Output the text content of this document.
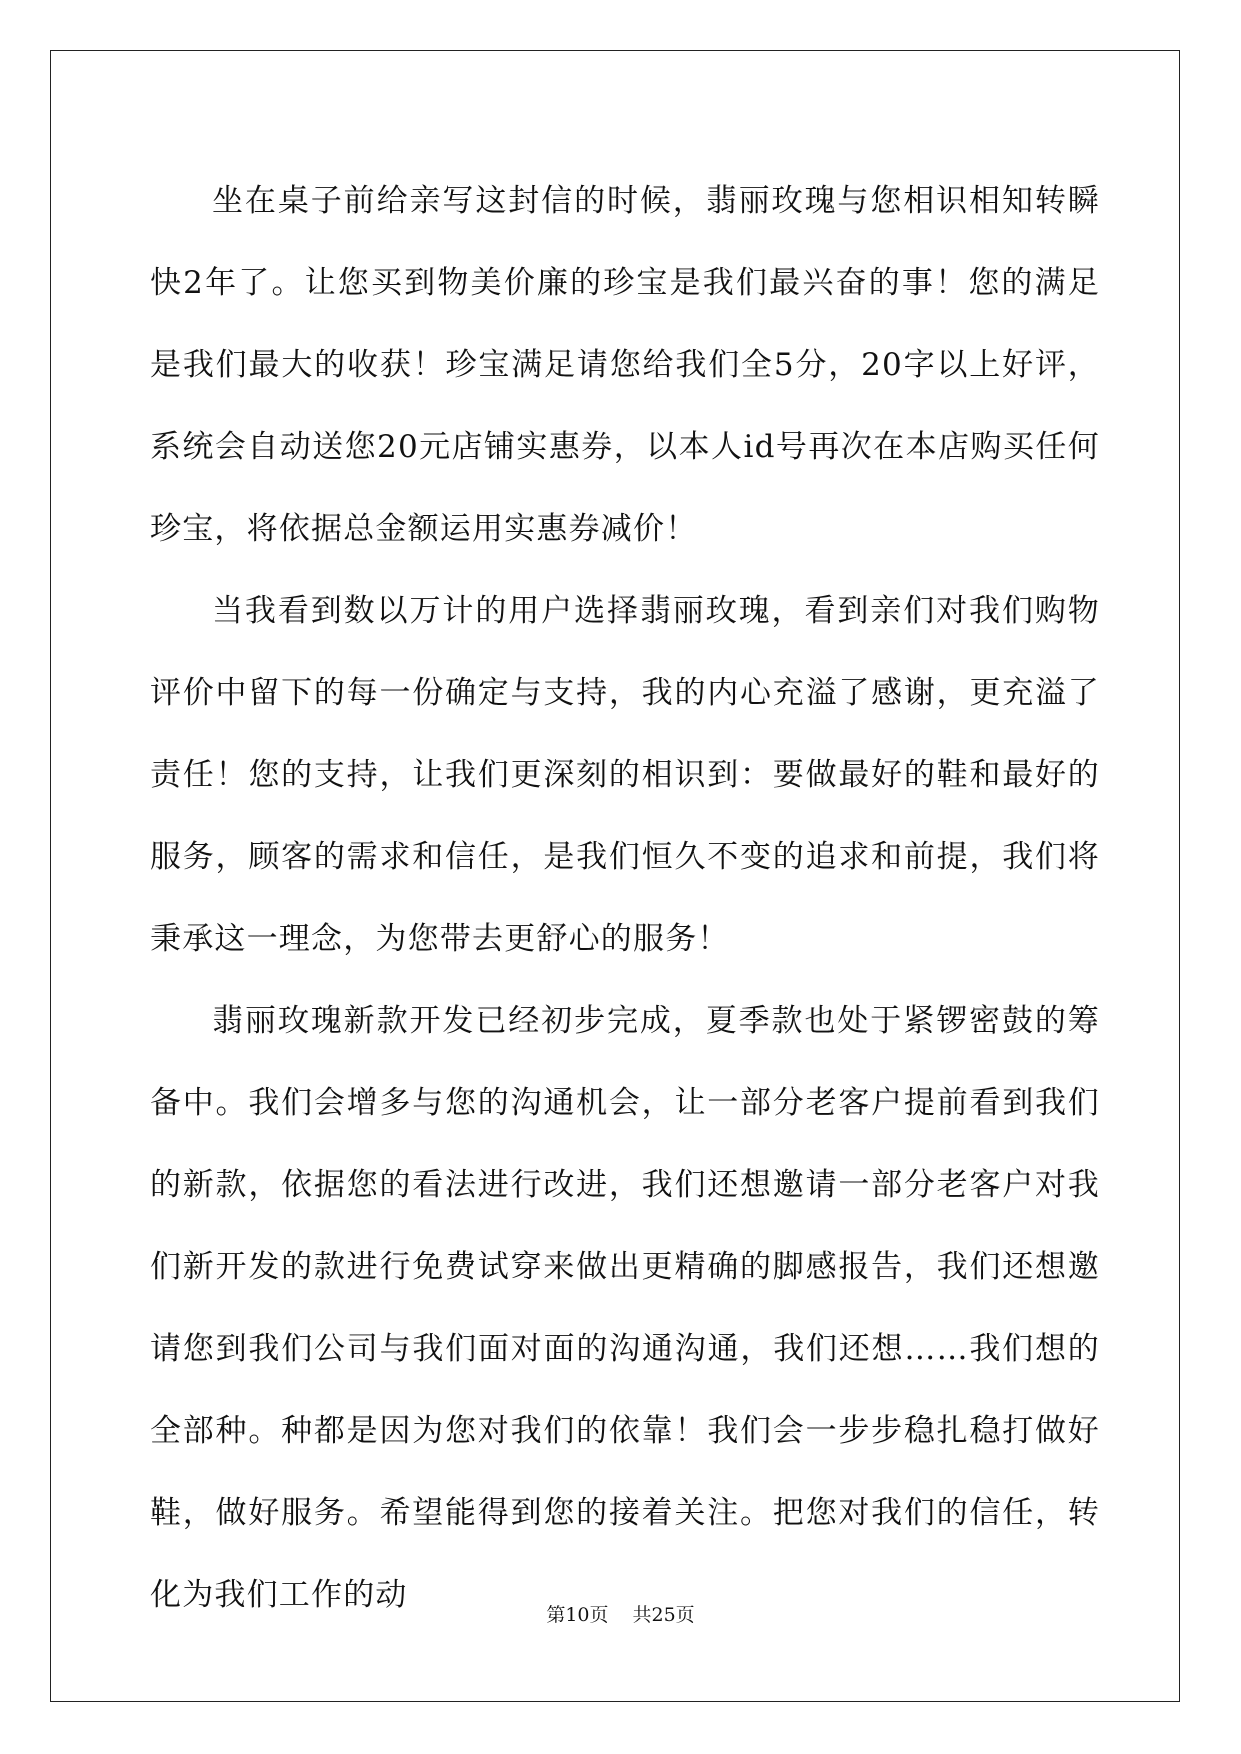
坐在桌子前给亲写这封信的时候，翡丽玫瑰与您相识相知转瞬快2年了。让您买到物美价廉的珍宝是我们最兴奋的事！您的满足是我们最大的收获！珍宝满足请您给我们全5分，20字以上好评，系统会自动送您20元店铺实惠券，以本人id号再次在本店购买任何珍宝，将依据总金额运用实惠券减价！

当我看到数以万计的用户选择翡丽玫瑰，看到亲们对我们购物评价中留下的每一份确定与支持，我的内心充溢了感谢，更充溢了责任！您的支持，让我们更深刻的相识到：要做最好的鞋和最好的服务，顾客的需求和信任，是我们恒久不变的追求和前提，我们将秉承这一理念，为您带去更舒心的服务！

翡丽玫瑰新款开发已经初步完成，夏季款也处于紧锣密鼓的筹备中。我们会增多与您的沟通机会，让一部分老客户提前看到我们的新款，依据您的看法进行改进，我们还想邀请一部分老客户对我们新开发的款进行免费试穿来做出更精确的脚感报告，我们还想邀请您到我们公司与我们面对面的沟通沟通，我们还想……我们想的全部种。种都是因为您对我们的依靠！我们会一步步稳扎稳打做好鞋，做好服务。希望能得到您的接着关注。把您对我们的信任，转化为我们工作的动

第10页 共25页
